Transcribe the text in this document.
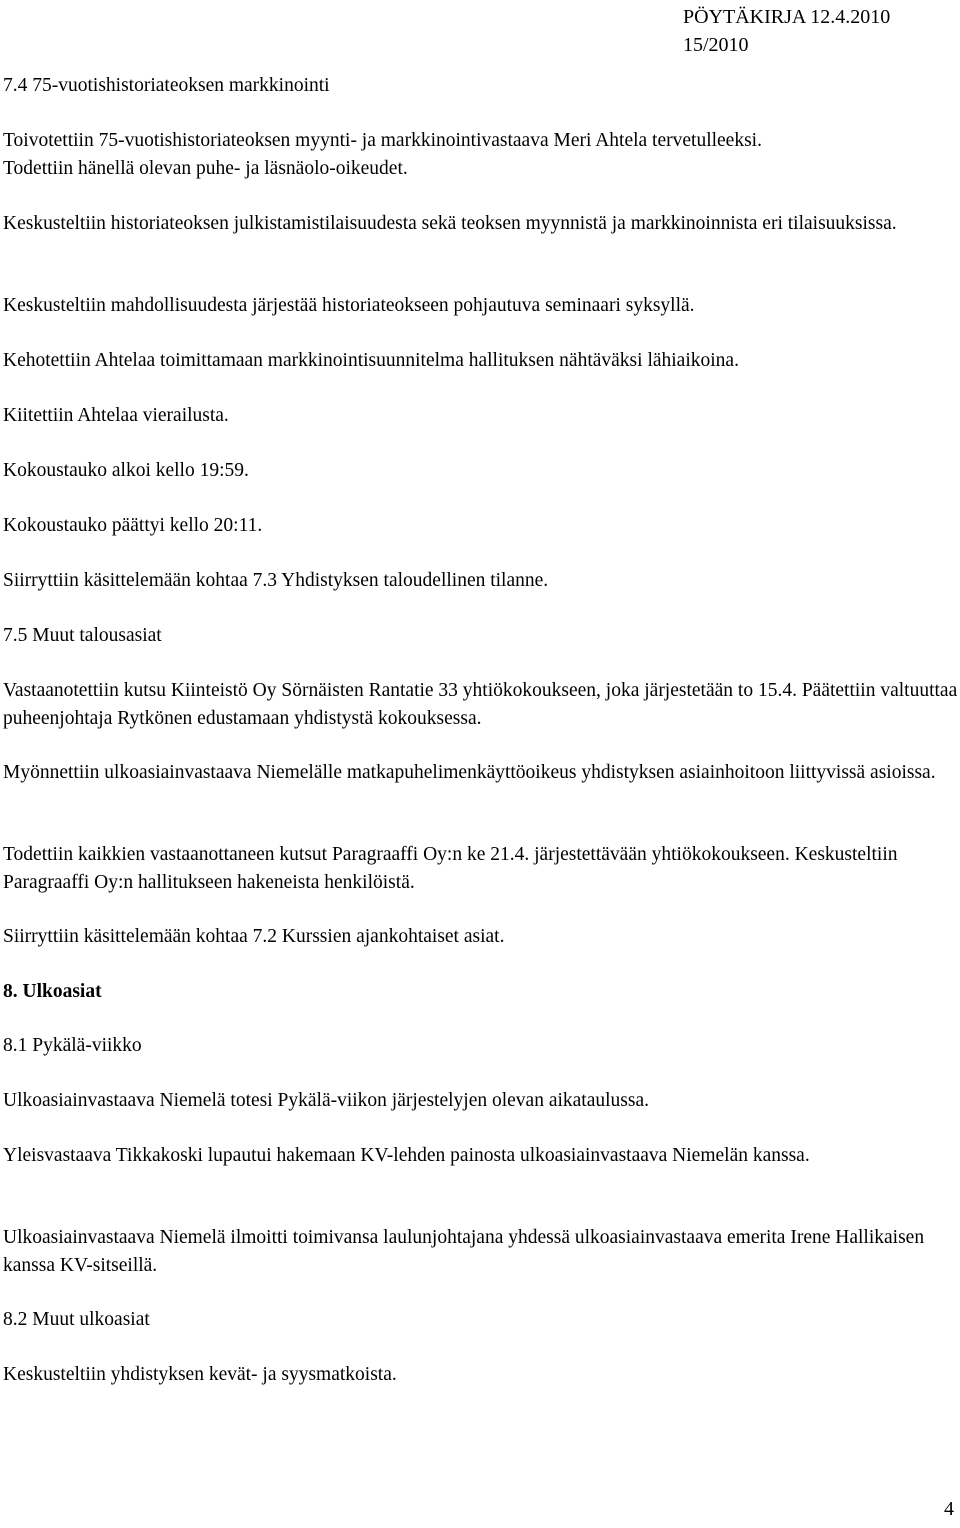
PÖYTÄKIRJA 12.4.2010
15/2010
7.4 75-vuotishistoriateoksen markkinointi
Toivotettiin 75-vuotishistoriateoksen myynti- ja markkinointivastaava Meri Ahtela tervetulleeksi.
Todettiin hänellä olevan puhe- ja läsnäolo-oikeudet.
Keskusteltiin historiateoksen julkistamistilaisuudesta sekä teoksen myynnistä ja markkinoinnista eri tilaisuuksissa.
Keskusteltiin mahdollisuudesta järjestää historiateokseen pohjautuva seminaari syksyllä.
Kehotettiin Ahtelaa toimittamaan markkinointisuunnitelma hallituksen nähtäväksi lähiaikoina.
Kiitettiin Ahtelaa vierailusta.
Kokoustauko alkoi kello 19:59.
Kokoustauko päättyi kello 20:11.
Siirryttiin käsittelemään kohtaa 7.3 Yhdistyksen taloudellinen tilanne.
7.5 Muut talousasiat
Vastaanotettiin kutsu Kiinteistö Oy Sörnäisten Rantatie 33 yhtiökokoukseen, joka järjestetään to 15.4. Päätettiin valtuuttaa puheenjohtaja Rytkönen edustamaan yhdistystä kokouksessa.
Myönnettiin ulkoasiainvastaava Niemelälle matkapuhelimenkäyttöoikeus yhdistyksen asiainhoitoon liittyvissä asioissa.
Todettiin kaikkien vastaanottaneen kutsut Paragraaffi Oy:n ke 21.4. järjestettävään yhtiökokoukseen. Keskusteltiin Paragraaffi Oy:n hallitukseen hakeneista henkilöistä.
Siirryttiin käsittelemään kohtaa 7.2 Kurssien ajankohtaiset asiat.
8. Ulkoasiat
8.1 Pykälä-viikko
Ulkoasiainvastaava Niemelä totesi Pykälä-viikon järjestelyjen olevan aikataulussa.
Yleisvastaava Tikkakoski lupautui hakemaan KV-lehden painosta ulkoasiainvastaava Niemelän kanssa.
Ulkoasiainvastaava Niemelä ilmoitti toimivansa laulunjohtajana yhdessä ulkoasiainvastaava emerita Irene Hallikaisen kanssa KV-sitseillä.
8.2 Muut ulkoasiat
Keskusteltiin yhdistyksen kevät- ja syysmatkoista.
4
